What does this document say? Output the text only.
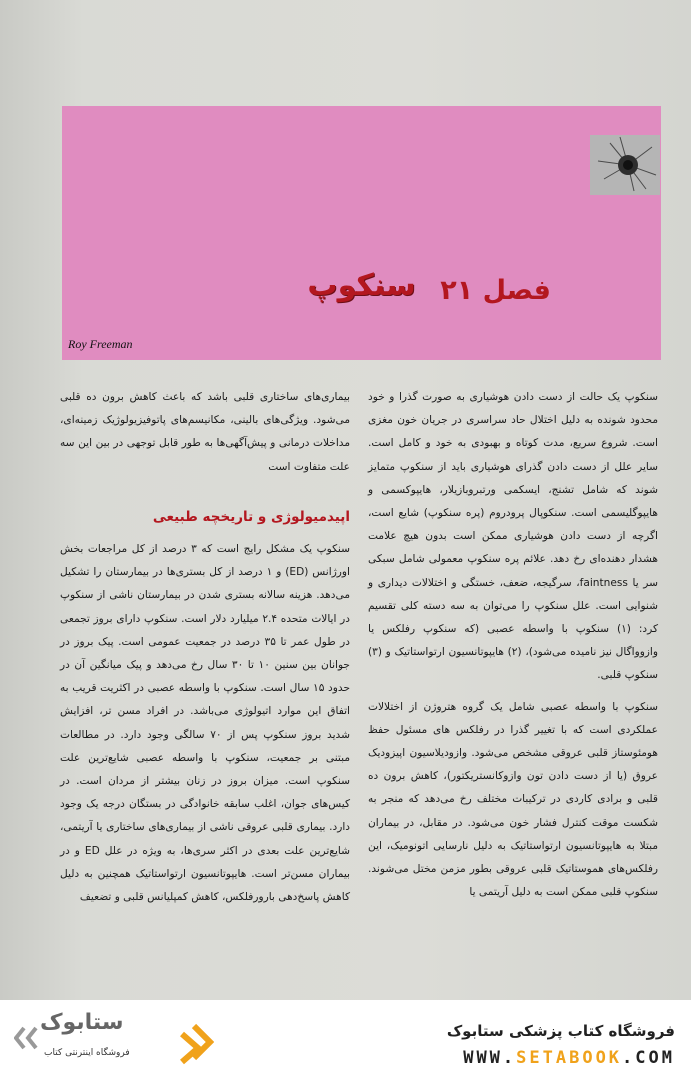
فصل ۲۱
سنکوپ
Roy Freeman

سنکوپ یک حالت از دست دادن هوشیاری به صورت گذرا و خود محدود شونده به دلیل اختلال حاد سراسری در جریان خون مغزی است. شروع سریع، مدت کوتاه و بهبودی به خود و کامل است. سایر علل از دست دادن گذرای هوشیاری باید از سنکوپ متمایز شوند که شامل تشنج، ایسکمی ورتبروبازیلار، هایپوکسمی و هایپوگلیسمی است. سنکوپال پرودروم (پره سنکوپ) شایع است، اگرچه از دست دادن هوشیاری ممکن است بدون هیچ علامت هشدار دهنده‌ای رخ دهد. علائم پره سنکوپ معمولی شامل سبکی سر یا faintness، سرگیجه، ضعف، خستگی و اختلالات دیداری و شنوایی است. علل سنکوپ را می‌توان به سه دسته کلی تقسیم کرد: (۱) سنکوپ با واسطه عصبی (که سنکوپ رفلکس یا وازوواگال نیز نامیده می‌شود)، (۲) هایپوتانسیون ارتواستاتیک و (۳) سنکوپ قلبی.

سنکوپ با واسطه عصبی شامل یک گروه هتروژن از اختلالات عملکردی است که با تغییر گذرا در رفلکس های مسئول حفظ هومئوستاز قلبی عروقی مشخص می‌شود. وازودیلاسیون اپیزودیک عروق (یا از دست دادن تون وازوکانستریکتور)، کاهش برون ده قلبی و برادی کاردی در ترکیبات مختلف رخ می‌دهد که منجر به شکست موقت کنترل فشار خون می‌شود. در مقابل، در بیماران مبتلا به هایپوتانسیون ارتواستاتیک به دلیل نارسایی اتونومیک، این رفلکس‌های هموستاتیک قلبی عروقی بطور مزمن مختل می‌شوند. سنکوپ قلبی ممکن است به دلیل آریتمی یا

بیماری‌های ساختاری قلبی باشد که باعث کاهش برون ده قلبی می‌شود. ویژگی‌های بالینی، مکانیسم‌های پاتوفیزیولوژیک زمینه‌ای، مداخلات درمانی و پیش‌آگهی‌ها به طور قابل توجهی در بین این سه علت متفاوت است

اپیدمیولوژی و تاریخچه طبیعی

سنکوپ یک مشکل رایج است که ۳ درصد از کل مراجعات بخش اورژانس (ED) و ۱ درصد از کل بستری‌ها در بیمارستان را تشکیل می‌دهد. هزینه سالانه بستری شدن در بیمارستان ناشی از سنکوپ در ایالات متحده ۲.۴ میلیارد دلار است. سنکوپ دارای بروز تجمعی در طول عمر تا ۳۵ درصد در جمعیت عمومی است. پیک بروز در جوانان بین سنین ۱۰ تا ۳۰ سال رخ می‌دهد و پیک میانگین آن در حدود ۱۵ سال است. سنکوپ با واسطه عصبی در اکثریت قریب به اتفاق این موارد اتیولوژی می‌باشد. در افراد مسن تر، افزایش شدید بروز سنکوپ پس از ۷۰ سالگی وجود دارد. در مطالعات مبتنی بر جمعیت، سنکوپ با واسطه عصبی شایع‌ترین علت سنکوپ است. میزان بروز در زنان بیشتر از مردان است. در کیس‌های جوان، اغلب سابقه خانوادگی در بستگان درجه یک وجود دارد. بیماری قلبی عروقی ناشی از بیماری‌های ساختاری یا آریتمی، شایع‌ترین علت بعدی در اکثر سری‌ها، به ویژه در علل ED و در بیماران مسن‌تر است. هایپوتانسیون ارتواستاتیک همچنین به دلیل کاهش پاسخ‌دهی بارورفلکس، کاهش کمپلیانس قلبی و تضعیف

ستابوک
فروشگاه اینترنتی کتاب
فروشگاه کتاب پزشکی ستابوک
WWW.SETABOOK.COM
